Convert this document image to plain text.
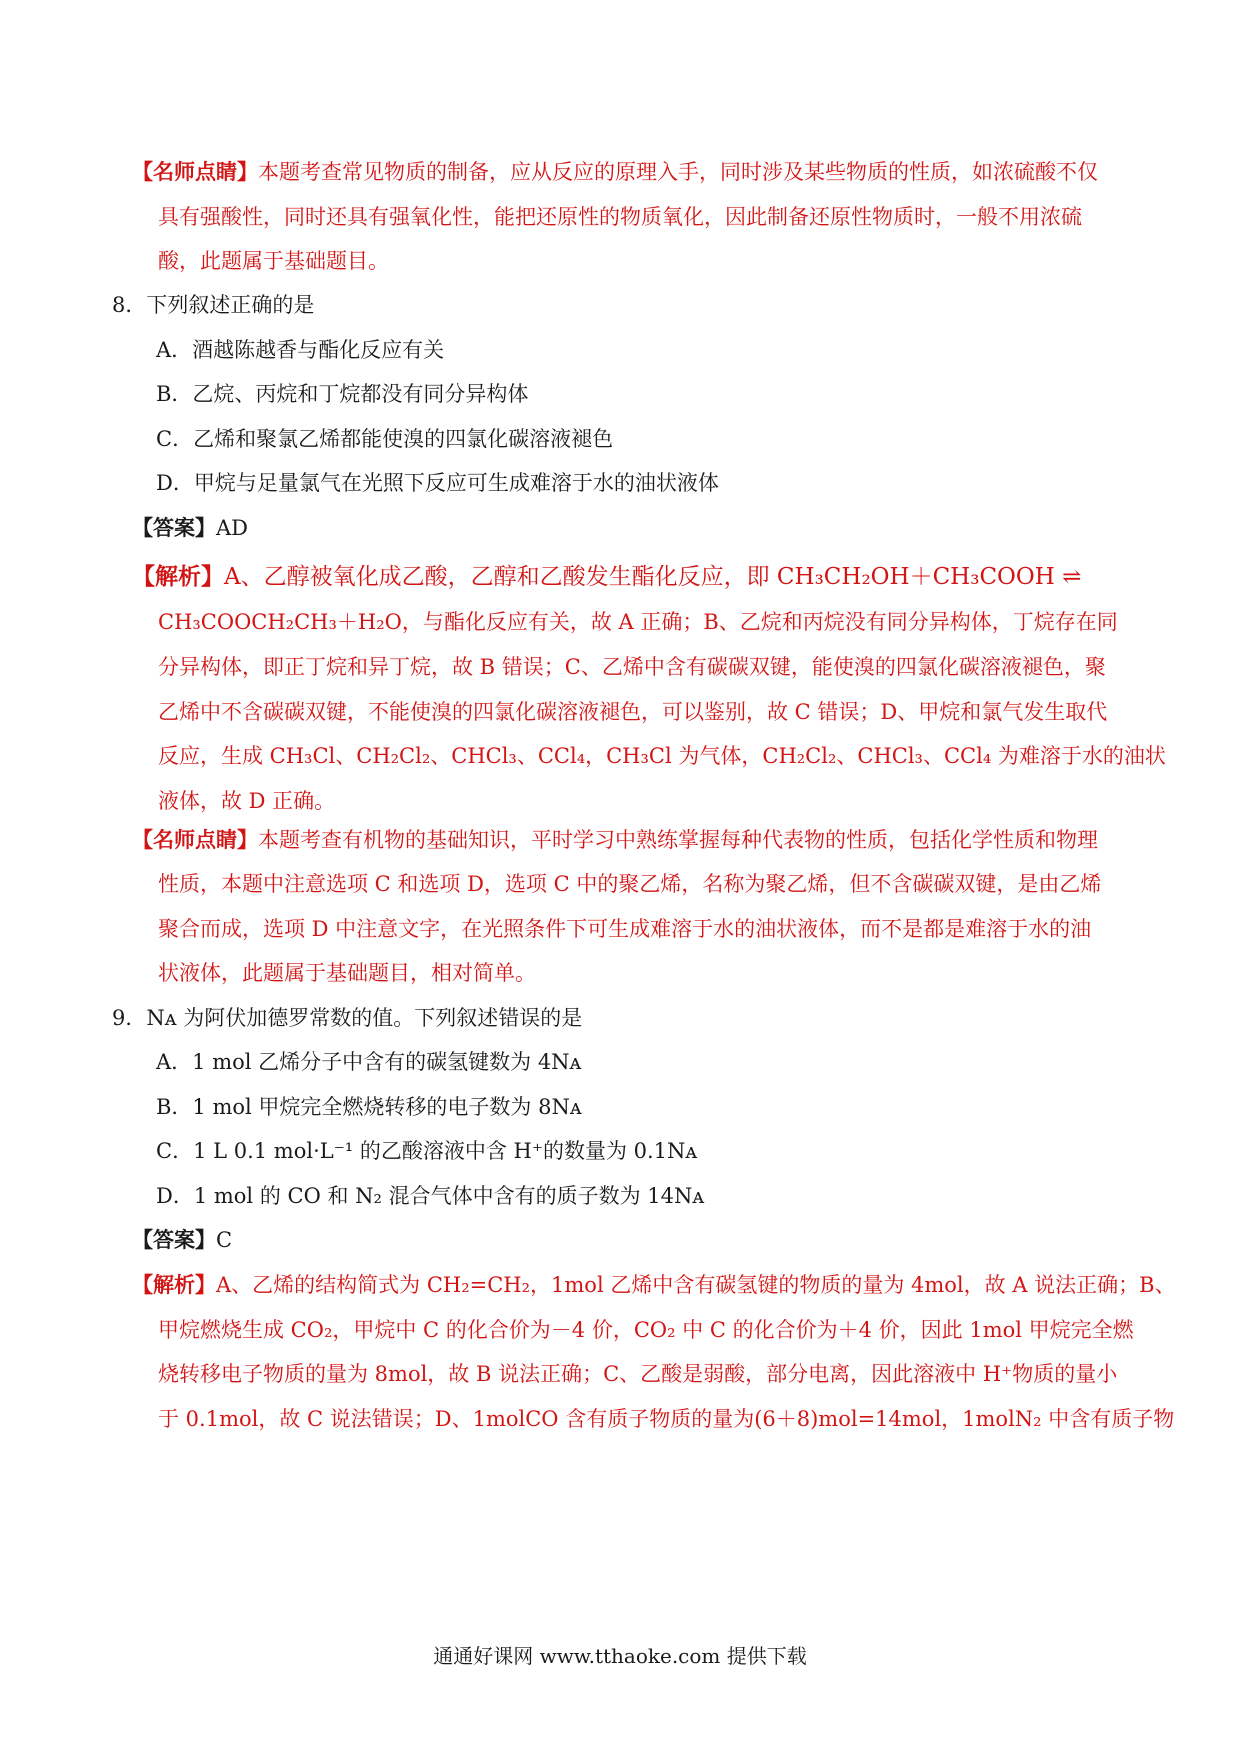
【名师点睛】本题考查常见物质的制备，应从反应的原理入手，同时涉及某些物质的性质，如浓硫酸不仅
具有强酸性，同时还具有强氧化性，能把还原性的物质氧化，因此制备还原性物质时，一般不用浓硫
酸，此题属于基础题目。
8．下列叙述正确的是
A．酒越陈越香与酯化反应有关
B．乙烷、丙烷和丁烷都没有同分异构体
C．乙烯和聚氯乙烯都能使溴的四氯化碳溶液褪色
D．甲烷与足量氯气在光照下反应可生成难溶于水的油状液体
【答案】AD
【解析】A、乙醇被氧化成乙酸，乙醇和乙酸发生酯化反应，即 CH₃CH₂OH＋CH₃COOH ⇌
CH₃COOCH₂CH₃＋H₂O，与酯化反应有关，故 A 正确；B、乙烷和丙烷没有同分异构体，丁烷存在同
分异构体，即正丁烷和异丁烷，故 B 错误；C、乙烯中含有碳碳双键，能使溴的四氯化碳溶液褪色，聚
乙烯中不含碳碳双键，不能使溴的四氯化碳溶液褪色，可以鉴别，故 C 错误；D、甲烷和氯气发生取代
反应，生成 CH₃Cl、CH₂Cl₂、CHCl₃、CCl₄，CH₃Cl 为气体，CH₂Cl₂、CHCl₃、CCl₄ 为难溶于水的油状
液体，故 D 正确。
【名师点睛】本题考查有机物的基础知识，平时学习中熟练掌握每种代表物的性质，包括化学性质和物理
性质，本题中注意选项 C 和选项 D，选项 C 中的聚乙烯，名称为聚乙烯，但不含碳碳双键，是由乙烯
聚合而成，选项 D 中注意文字，在光照条件下可生成难溶于水的油状液体，而不是都是难溶于水的油
状液体，此题属于基础题目，相对简单。
9．Nᴀ 为阿伏加德罗常数的值。下列叙述错误的是
A．1 mol 乙烯分子中含有的碳氢键数为 4Nᴀ
B．1 mol 甲烷完全燃烧转移的电子数为 8Nᴀ
C．1 L 0.1 mol·L⁻¹ 的乙酸溶液中含 H⁺的数量为 0.1Nᴀ
D．1 mol 的 CO 和 N₂ 混合气体中含有的质子数为 14Nᴀ
【答案】C
【解析】A、乙烯的结构简式为 CH₂=CH₂，1mol 乙烯中含有碳氢键的物质的量为 4mol，故 A 说法正确；B、
甲烷燃烧生成 CO₂，甲烷中 C 的化合价为－4 价，CO₂ 中 C 的化合价为＋4 价，因此 1mol 甲烷完全燃
烧转移电子物质的量为 8mol，故 B 说法正确；C、乙酸是弱酸，部分电离，因此溶液中 H⁺物质的量小
于 0.1mol，故 C 说法错误；D、1molCO 含有质子物质的量为(6＋8)mol=14mol，1molN₂ 中含有质子物
通通好课网 www.tthaoke.com 提供下载
